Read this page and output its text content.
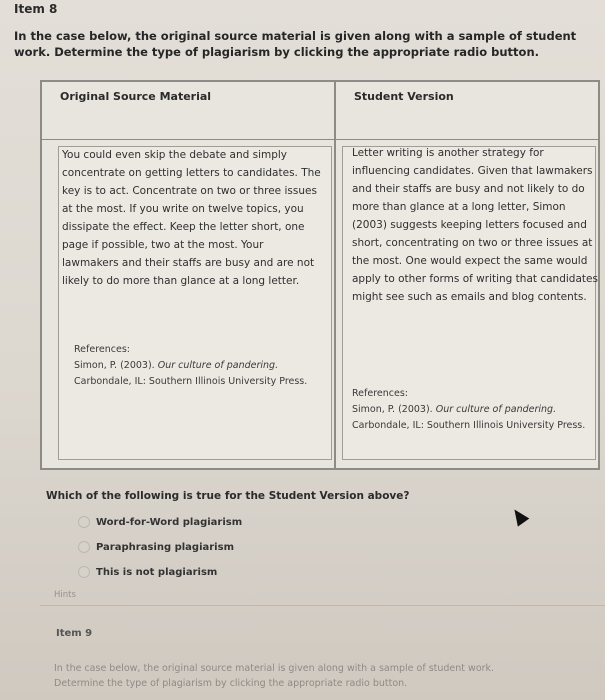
Item 8
In the case below, the original source material is given along with a sample of student work. Determine the type of plagiarism by clicking the appropriate radio button.
Original Source Material	Student Version
You could even skip the debate and simply concentrate on getting letters to candidates. The key is to act. Concentrate on two or three issues at the most. If you write on twelve topics, you dissipate the effect. Keep the letter short, one page if possible, two at the most. Your lawmakers and their staffs are busy and are not likely to do more than glance at a long letter.
References:
Simon, P. (2003). Our culture of pandering. Carbondale, IL: Southern Illinois University Press.
Letter writing is another strategy for influencing candidates. Given that lawmakers and their staffs are busy and not likely to do more than glance at a long letter, Simon (2003) suggests keeping letters focused and short, concentrating on two or three issues at the most. One would expect the same would apply to other forms of writing that candidates might see such as emails and blog contents.
References:
Simon, P. (2003). Our culture of pandering. Carbondale, IL: Southern Illinois University Press.
Which of the following is true for the Student Version above?
Word-for-Word plagiarism
Paraphrasing plagiarism
This is not plagiarism
Hints
Item 9
In the case below, the original source material is given along with a sample of student work.
Determine the type of plagiarism by clicking the appropriate radio button.
